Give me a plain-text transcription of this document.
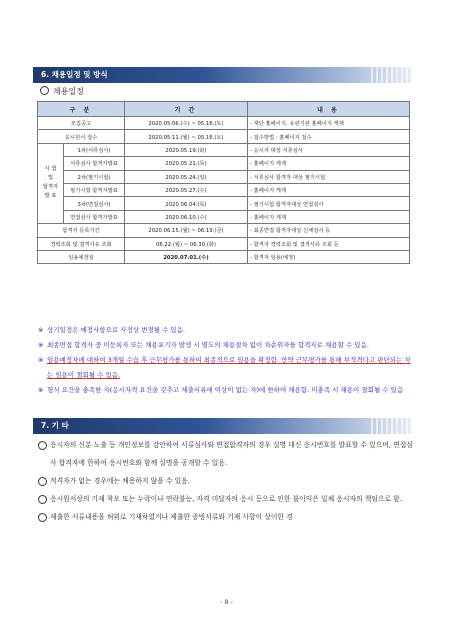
6. 채용일정 및 방식
채용일정
구 분		기 간	내 용
모집공고		2020.05.06.(수) ~ 05.16.(토)	- 재단 홈페이지, 유관기관 홈페이지 게재
응시원서 접수		2020.05.11.(월) ~ 05.16.(토)	- 접수방법 : 홈페이지 접수

시 험
및
합격자
발 표	1차(서류심사)	2020.05.19.(화)	- 응시자 대상 서류심사
	서류심사 합격자발표	2020.05.21.(목)	- 홈페이지 게재
	2차(필기시험)	2020.05.24.(일)	- 서류심사 합격자 대상 필기시험
	필기시험 합격자발표	2020.05.27.(수)	- 홈페이지 게재
	3차(면접심사)	2020.06.04.(목)	- 필기시험 합격자대상 면접심사
	면접심사 합격자발표	2020.06.10.(수)	- 홈페이지 게재
합격자 등록기간		2020.06.15.(월) ~ 06.19.(금)	- 최종면접 합격자대상 신체검사 등
경력조회 및 결격사유 조회		06.22.(월) ~ 06.30.(화)	- 합격자 경력조회 및 결격사유 조회 등
임용예정일		2020.07.01.(수)	- 합격자 임용(예정)
※ 상기일정은 예정사항으로 사정상 변경될 수 있음.
※ 최종면접 합격자 중 미등록자 또는 채용포기자 발생 시 별도의 채용절차 없이 차순위자를 합격자로 채용할 수 있음.
※ 임용예정자에 대하여 3개월 수습 후 근무평가를 통하여 최종적으로 임용을 확정함. 만약 근무평가를 통해 부적격다고 판단되는 자는 임용이 철회될 수 있음.
※ 형식 요건을 충족한 자(응시자격 요건을 갖추고 제출서류에 이상이 없는 자)에 한하여 채용함. 미충족 시 채용이 철회될 수 있음
7. 기 타
응시자의 신분 노출 등 개인정보를 감안하여 서류심사와 면접합격자의 경우 실명 대신 응시번호를 발표할 수 있으며, 면접심사 합격자에 한하여 응시번호와 함께 실명을 공개할 수 있음.
적격자가 없는 경우에는 채용하지 않을 수 있음.
응시원서상의 기재 착오 또는 누락이나 연락불능, 자격 미달자의 응시 등으로 인한 불이익은 일체 응시자의 책임으로 함.
제출한 서류내용을 허위로 기재하였거나 제출한 증빙서류와 기재 사항이 상이한 경
- 8 -
